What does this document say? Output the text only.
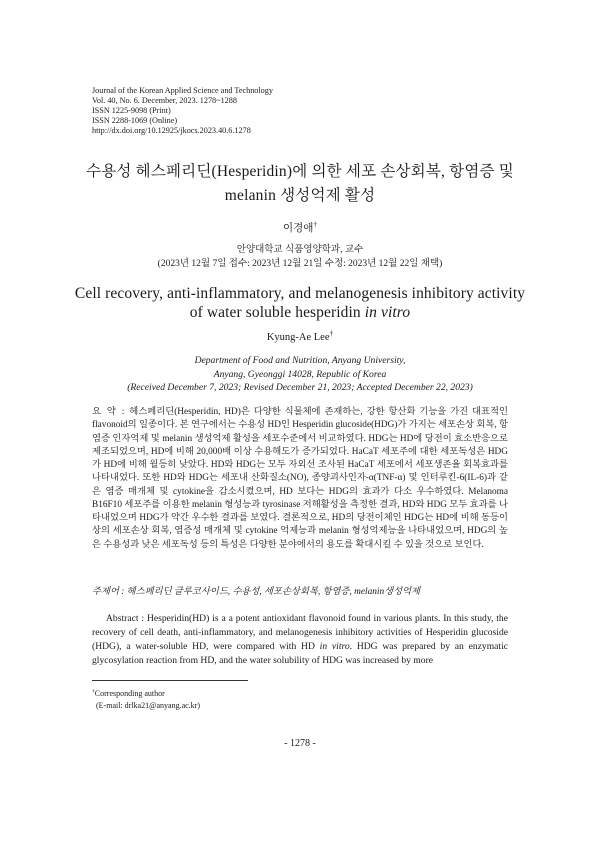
Journal of the Korean Applied Science and Technology
Vol. 40, No. 6. December, 2023. 1278~1288
ISSN 1225-9098 (Print)
ISSN 2288-1069 (Online)
http://dx.doi.org/10.12925/jkocs.2023.40.6.1278
수용성 헤스페리딘(Hesperidin)에 의한 세포 손상회복, 항염증 및
melanin 생성억제 활성
이경애†
안양대학교 식품영양학과, 교수
(2023년 12월 7일 접수: 2023년 12월 21일 수정: 2023년 12월 22일 채택)
Cell recovery, anti-inflammatory, and melanogenesis inhibitory activity
of water soluble hesperidin in vitro
Kyung-Ae Lee†
Department of Food and Nutrition, Anyang University,
Anyang, Gyeonggi 14028, Republic of Korea
(Received December 7, 2023; Revised December 21, 2023; Accepted December 22, 2023)
요 약 : 헤스페리딘(Hesperidin, HD)은 다양한 식물체에 존재하는, 강한 항산화 기능을 가진 대표적인 flavonoid의 일종이다. 본 연구에서는 수용성 HD인 Hesperidin glucoside(HDG)가 가지는 세포손상 회복, 항염증 인자억제 및 melanin 생성억제 활성을 세포수준에서 비교하였다. HDG는 HD에 당전이 효소반응으로 제조되었으며, HD에 비해 20,000배 이상 수용해도가 증가되었다. HaCaT 세포주에 대한 세포독성은 HDG가 HD에 비해 월등히 낮았다. HD와 HDG는 모두 자외선 조사된 HaCaT 세포에서 세포생존율 회복효과를 나타내었다. 또한 HD와 HDG는 세포내 산화질소(NO), 종양괴사인자-α(TNF-α) 및 인터루킨-6(IL-6)과 같은 염증 매개체 및 cytokine을 감소시켰으며, HD 보다는 HDG의 효과가 다소 우수하였다. Melanoma B16F10 세포주를 이용한 melanin 형성능과 tyrosinase 저해활성을 측정한 결과, HD와 HDG 모두 효과를 나타내었으며 HDG가 약간 우수한 결과를 보였다. 결론적으로, HD의 당전이체인 HDG는 HD에 비해 동등이상의 세포손상 회복, 염증성 매개체 및 cytokine 억제능과 melanin 형성억제능을 나타내었으며, HDG의 높은 수용성과 낮은 세포독성 등의 특성은 다양한 분야에서의 용도를 확대시킬 수 있을 것으로 보인다.
주제어 : 헤스페리딘 글루코사이드, 수용성, 세포손상회복, 항염증, melanin생성억제
Abstract : Hesperidin(HD) is a a potent antioxidant flavonoid found in various plants. In this study, the recovery of cell death, anti-inflammatory, and melanogenesis inhibitory activities of Hesperidin glucoside (HDG), a water-soluble HD, were compared with HD in vitro. HDG was prepared by an enzymatic glycosylation reaction from HD, and the water solubility of HDG was increased by more
†Corresponding author
(E-mail: drlka21@anyang.ac.kr)
- 1278 -
